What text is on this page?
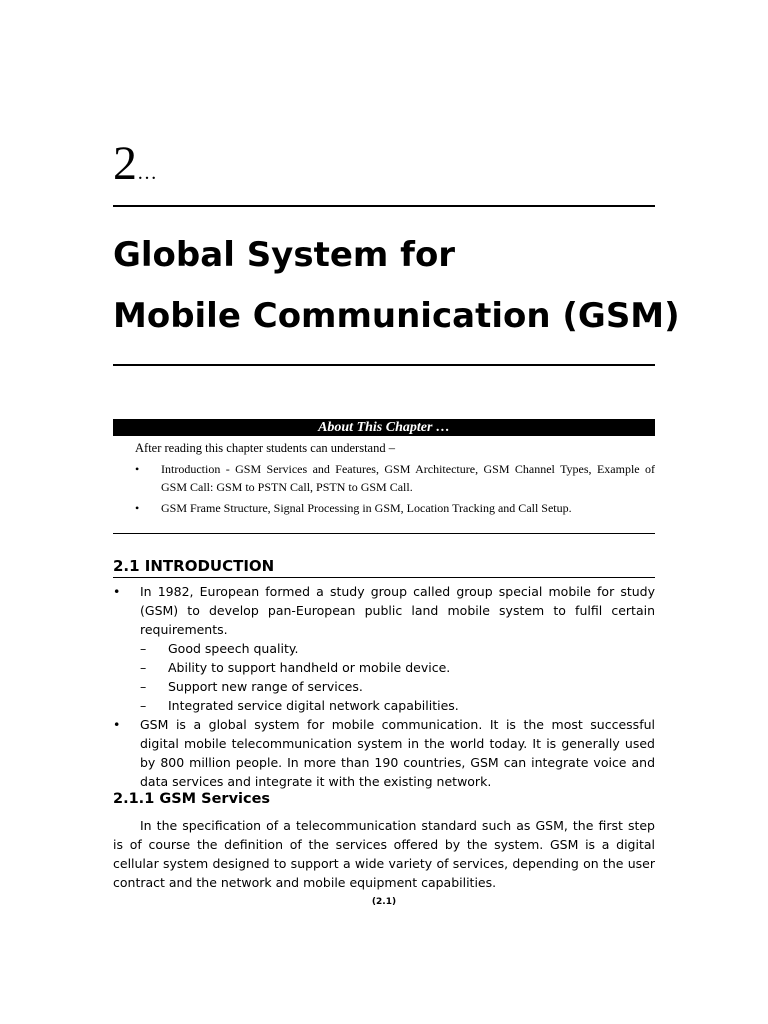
2…
Global System for
Mobile Communication (GSM)
About This Chapter …
After reading this chapter students can understand –
• Introduction - GSM Services and Features, GSM Architecture, GSM Channel Types, Example of GSM Call: GSM to PSTN Call, PSTN to GSM Call.
• GSM Frame Structure, Signal Processing in GSM, Location Tracking and Call Setup.
2.1 INTRODUCTION
• In 1982, European formed a study group called group special mobile for study (GSM) to develop pan-European public land mobile system to fulfil certain requirements.
– Good speech quality.
– Ability to support handheld or mobile device.
– Support new range of services.
– Integrated service digital network capabilities.
• GSM is a global system for mobile communication. It is the most successful digital mobile telecommunication system in the world today. It is generally used by 800 million people. In more than 190 countries, GSM can integrate voice and data services and integrate it with the existing network.
2.1.1 GSM Services

In the specification of a telecommunication standard such as GSM, the first step is of course the definition of the services offered by the system. GSM is a digital cellular system designed to support a wide variety of services, depending on the user contract and the network and mobile equipment capabilities.

(2.1)
